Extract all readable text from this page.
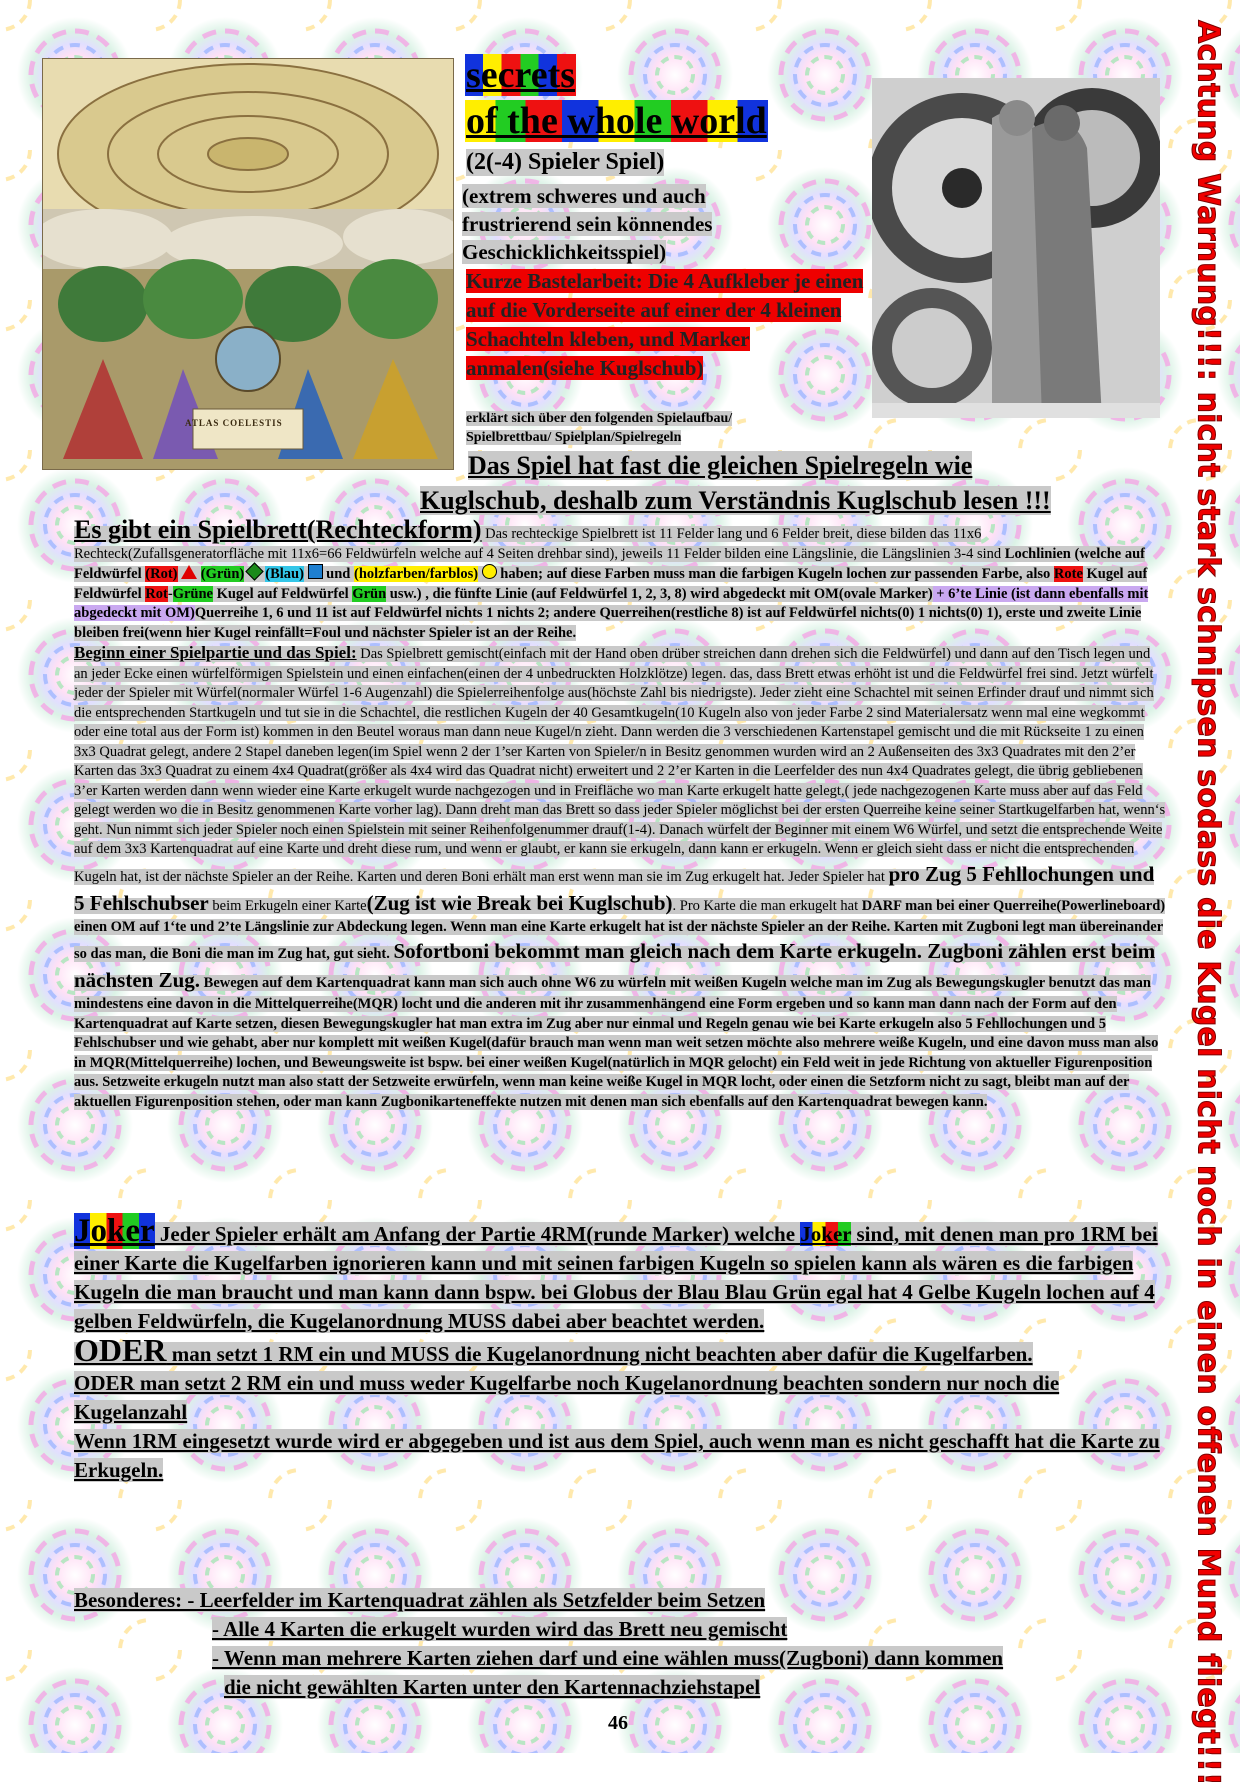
ATLAS COELESTIS
secrets
of the whole world
(2(-4) Spieler Spiel)
(extrem schweres und auch frustrierend sein könnendes Geschicklichkeitsspiel)
Kurze Bastelarbeit: Die 4 Aufkleber je einen auf die Vorderseite auf einer der 4 kleinen Schachteln kleben, und Marker anmalen(siehe Kuglschub)
erklärt sich über den folgenden Spielaufbau/ Spielbrettbau/ Spielplan/Spielregeln
Das Spiel hat fast die gleichen Spielregeln wie
Kuglschub, deshalb zum Verständnis Kuglschub lesen !!!	Achtung Warnung!!!: nicht stark schnipsen sodass die Kugel nicht noch in einen offenen Mund fliegt!!!

Es gibt ein Spielbrett(Rechteckform) Das rechteckige Spielbrett ist 11 Felder lang und 6 Felder breit, diese bilden das 11x6 Rechteck(Zufallsgeneratorfläche mit 11x6=66 Feldwürfeln welche auf 4 Seiten drehbar sind), jeweils 11 Felder bilden eine Längslinie, die Längslinien 3-4 sind Lochlinien (welche auf Feldwürfel (Rot) (Grün) (Blau)  und (holzfarben/farblos)  haben; auf diese Farben muss man die farbigen Kugeln lochen zur passenden Farbe, also Rote Kugel auf Feldwürfel Rot-Grüne Kugel auf Feldwürfel Grün usw.) , die fünfte Linie (auf Feldwürfel 1, 2, 3, 8) wird abgedeckt mit OM(ovale Marker) + 6’te Linie (ist dann ebenfalls mit abgedeckt mit OM)Querreihe 1, 6 und 11 ist auf Feldwürfel nichts 1 nichts 2; andere Querreihen(restliche 8) ist auf Feldwürfel nichts(0) 1 nichts(0) 1), erste und zweite Linie bleiben frei(wenn hier Kugel reinfällt=Foul und nächster Spieler ist an der Reihe.

Beginn einer Spielpartie und das Spiel: Das Spielbrett gemischt(einfach mit der Hand oben drüber streichen dann drehen sich die Feldwürfel) und dann auf den Tisch legen und an jeder Ecke einen würfelförmigen Spielstein und einen einfachen(einen der 4 unbedruckten Holzklötze) legen. das, dass Brett etwas erhöht ist und die Feldwürfel frei sind. Jetzt würfelt jeder der Spieler mit Würfel(normaler Würfel 1-6 Augenzahl) die Spielerreihenfolge aus(höchste Zahl bis niedrigste). Jeder zieht eine Schachtel mit seinen Erfinder drauf und nimmt sich die entsprechenden Startkugeln und tut sie in die Schachtel, die restlichen Kugeln der 40 Gesamtkugeln(10 Kugeln also von jeder Farbe 2 sind Materialersatz wenn mal eine wegkommt oder eine total aus der Form ist) kommen in den Beutel woraus man dann neue Kugel/n zieht. Dann werden die 3 verschiedenen Kartenstapel gemischt und die mit Rückseite 1 zu einen 3x3 Quadrat gelegt, andere 2 Stapel daneben legen(im Spiel wenn 2 der 1’ser Karten von Spieler/n in Besitz genommen wurden wird an 2 Außenseiten des 3x3 Quadrates mit den 2’er Karten das 3x3 Quadrat zu einem 4x4 Quadrat(größer als 4x4 wird das Quadrat nicht) erweitert und 2 2’er Karten in die Leerfelder des nun 4x4 Quadrates gelegt, die übrig gebliebenen 3’er Karten werden dann wenn wieder eine Karte erkugelt wurde nachgezogen und in Freifläche wo man Karte erkugelt hatte gelegt,( jede nachgezogenen Karte muss aber auf das Feld gelegt werden wo die in Besitz genommenen Karte vorher lag). Dann dreht man das Brett so dass jeder Spieler möglichst bei der ersten Querreihe keine seiner Startkugelfarben hat, wenn‘s geht. Nun nimmt sich jeder Spieler noch einen Spielstein mit seiner Reihenfolgenummer drauf(1-4). Danach würfelt der Beginner mit einem W6 Würfel, und setzt die entsprechende Weite auf dem 3x3 Kartenquadrat auf eine Karte und dreht diese rum, und wenn er glaubt, er kann sie erkugeln, dann kann er erkugeln. Wenn er gleich sieht dass er nicht die entsprechenden Kugeln hat, ist der nächste Spieler an der Reihe. Karten und deren Boni erhält man erst wenn man sie im Zug erkugelt hat. Jeder Spieler hat pro Zug 5 Fehllochungen und 5 Fehlschubser beim Erkugeln einer Karte(Zug ist wie Break bei Kuglschub). Pro Karte die man erkugelt hat DARF man bei einer Querreihe(Powerlineboard) einen OM auf 1‘te und 2’te Längslinie zur Abdeckung legen. Wenn man eine Karte erkugelt hat ist der nächste Spieler an der Reihe. Karten mit Zugboni legt man übereinander so das man, die Boni die man im Zug hat, gut sieht. Sofortboni bekommt man gleich nach dem Karte erkugeln. Zugboni zählen erst beim nächsten Zug. Bewegen auf dem Kartenquadrat kann man sich auch ohne W6 zu würfeln mit weißen Kugeln welche man im Zug als Bewegungskugler benutzt das man mindestens eine davon in die Mittelquerreihe(MQR) locht und die anderen mit ihr zusammenhängend eine Form ergeben und so kann man dann nach der Form auf den Kartenquadrat auf Karte setzen, diesen Bewegungskugler hat man extra im Zug aber nur einmal und Regeln genau wie bei Karte erkugeln also 5 Fehllochungen und 5 Fehlschubser und wie gehabt, aber nur komplett mit weißen Kugel(dafür brauch man wenn man weit setzen möchte also mehrere weiße Kugeln, und eine davon muss man also in MQR(Mittelquerreihe) lochen, und Beweungsweite ist bspw. bei einer weißen Kugel(natürlich in MQR gelocht) ein Feld weit in jede Richtung von aktueller Figurenposition aus. Setzweite erkugeln nutzt man also statt der Setzweite erwürfeln, wenn man keine weiße Kugel in MQR locht, oder einen die Setzform nicht zu sagt, bleibt man auf der aktuellen Figurenposition stehen, oder man kann Zugbonikarteneffekte nutzen mit denen man sich ebenfalls auf den Kartenquadrat bewegen kann.

Joker Jeder Spieler erhält am Anfang der Partie 4RM(runde Marker) welche Joker sind, mit denen man pro 1RM bei einer Karte die Kugelfarben ignorieren kann und mit seinen farbigen Kugeln so spielen kann als wären es die farbigen Kugeln die man braucht und man kann dann bspw. bei Globus der Blau Blau Grün egal hat 4 Gelbe Kugeln lochen auf 4 gelben Feldwürfeln, die Kugelanordnung MUSS dabei aber beachtet werden.
ODER man setzt 1 RM ein und MUSS die Kugelanordnung nicht beachten aber dafür die Kugelfarben.
ODER man setzt 2 RM ein und muss weder Kugelfarbe noch Kugelanordnung beachten sondern nur noch die Kugelanzahl
Wenn 1RM eingesetzt wurde wird er abgegeben und ist aus dem Spiel, auch wenn man es nicht geschafft hat die Karte zu Erkugeln.
Besonderes: - Leerfelder im Kartenquadrat zählen als Setzfelder beim Setzen
- Alle 4 Karten die erkugelt wurden wird das Brett neu gemischt
- Wenn man mehrere Karten ziehen darf und eine wählen muss(Zugboni) dann kommen
die nicht gewählten Karten unter den Kartennachziehstapel
46
